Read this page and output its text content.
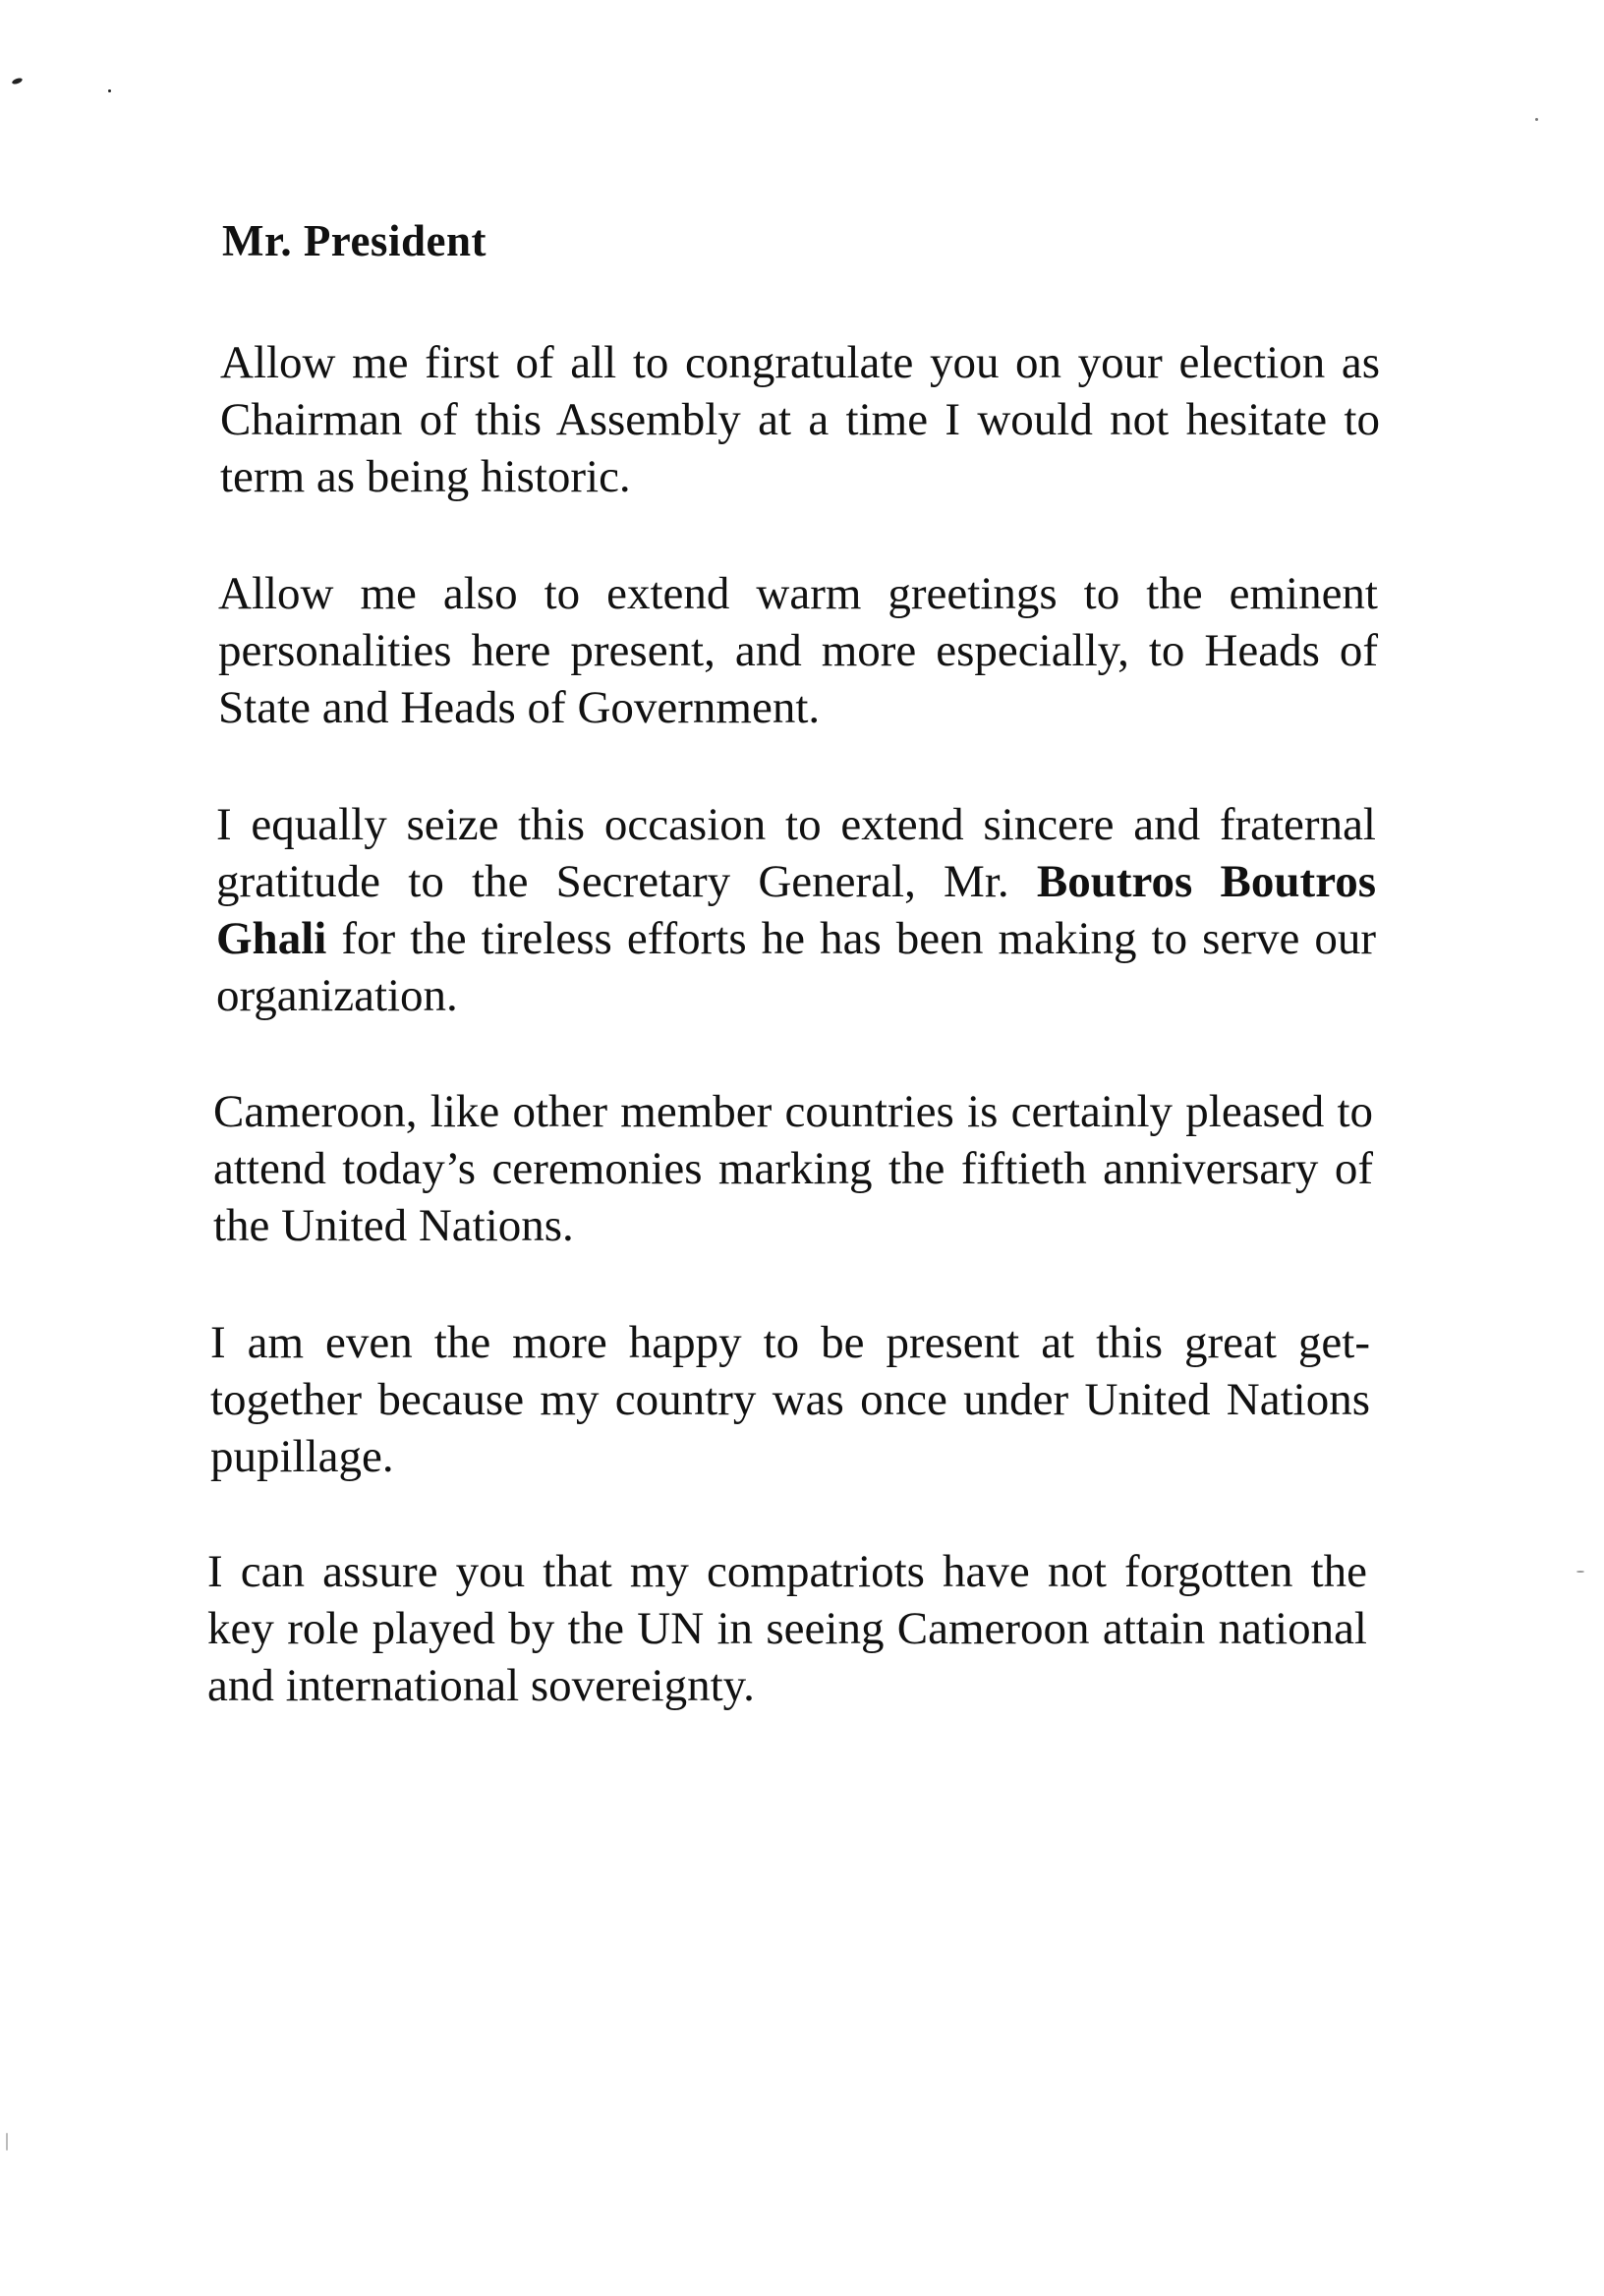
Mr. President

Allow me first of all to congratulate you on your election as Chairman of this Assembly at a time I would not hesitate to term as being historic.

Allow me also to extend warm greetings to the eminent personalities here present, and more especially, to Heads of State and Heads of Government.

I equally seize this occasion to extend sincere and fraternal gratitude to the Secretary General, Mr. Boutros Boutros Ghali for the tireless efforts he has been making to serve our organization.

Cameroon, like other member countries is certainly pleased to attend today’s ceremonies marking the fiftieth anniversary of the United Nations.

I am even the more happy to be present at this great get-together because my country was once under United Nations pupillage.

I can assure you that my compatriots have not forgotten the key role played by the UN in seeing Cameroon attain national and international sovereignty.
